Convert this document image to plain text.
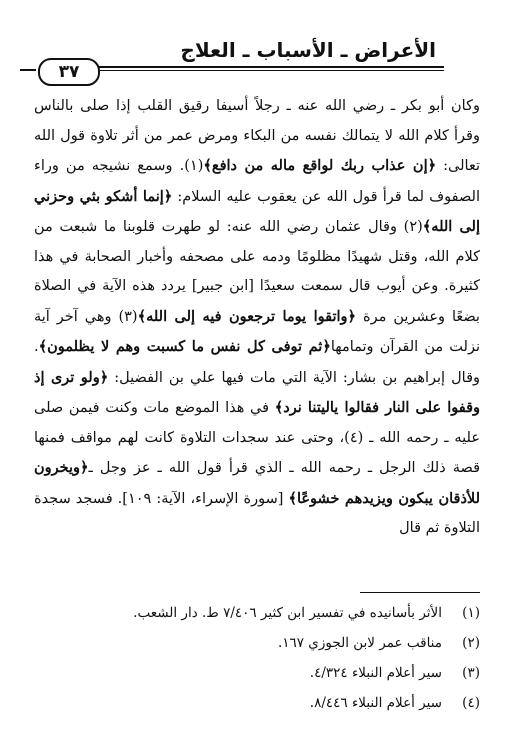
الأعراض ـ الأسباب ـ العلاج
٣٧

وكان أبو بكر ـ رضي الله عنه ـ رجلاً أسيفا رقيق القلب إذا صلى بالناس وقرأ كلام الله لا يتمالك نفسه من البكاء ومرض عمر من أثر تلاوة قول الله تعالى: ﴿إن عذاب ربك لواقع ماله من دافع﴾(١). وسمع نشيجه من وراء الصفوف لما قرأ قول الله عن يعقوب عليه السلام: ﴿إنما أشكو بثي وحزني إلى الله﴾(٢) وقال عثمان رضي الله عنه: لو طهرت قلوبنا ما شبعت من كلام الله، وقتل شهيدًا مظلومًا ودمه على مصحفه وأخبار الصحابة في هذا كثيرة. وعن أيوب قال سمعت سعيدًا [ابن جبير] يردد هذه الآية في الصلاة بضعًا وعشرين مرة ﴿واتقوا يوما ترجعون فيه إلى الله﴾(٣) وهي آخر آية نزلت من القرآن وتمامها﴿ثم توفى كل نفس ما كسبت وهم لا يظلمون﴾. وقال إبراهيم بن بشار: الآية التي مات فيها علي بن الفضيل: ﴿ولو ترى إذ وقفوا على النار فقالوا ياليتنا نرد﴾ في هذا الموضع مات وكنت فيمن صلى عليه ـ رحمه الله ـ (٤)، وحتى عند سجدات التلاوة كانت لهم مواقف فمنها قصة ذلك الرجل ـ رحمه الله ـ الذي قرأ قول الله ـ عز وجل ـ﴿ويخرون للأذقان يبكون ويزيدهم خشوعًا﴾ [سورة الإسراء، الآية: ١٠٩]. فسجد سجدة التلاوة ثم قال

(١)
الأثر بأسانيده في تفسير ابن كثير ٧/٤٠٦ ط. دار الشعب.
(٢)
مناقب عمر لابن الجوزي ١٦٧.
(٣)
سير أعلام النبلاء ٤/٣٢٤.
(٤)
سير أعلام النبلاء ٨/٤٤٦.
